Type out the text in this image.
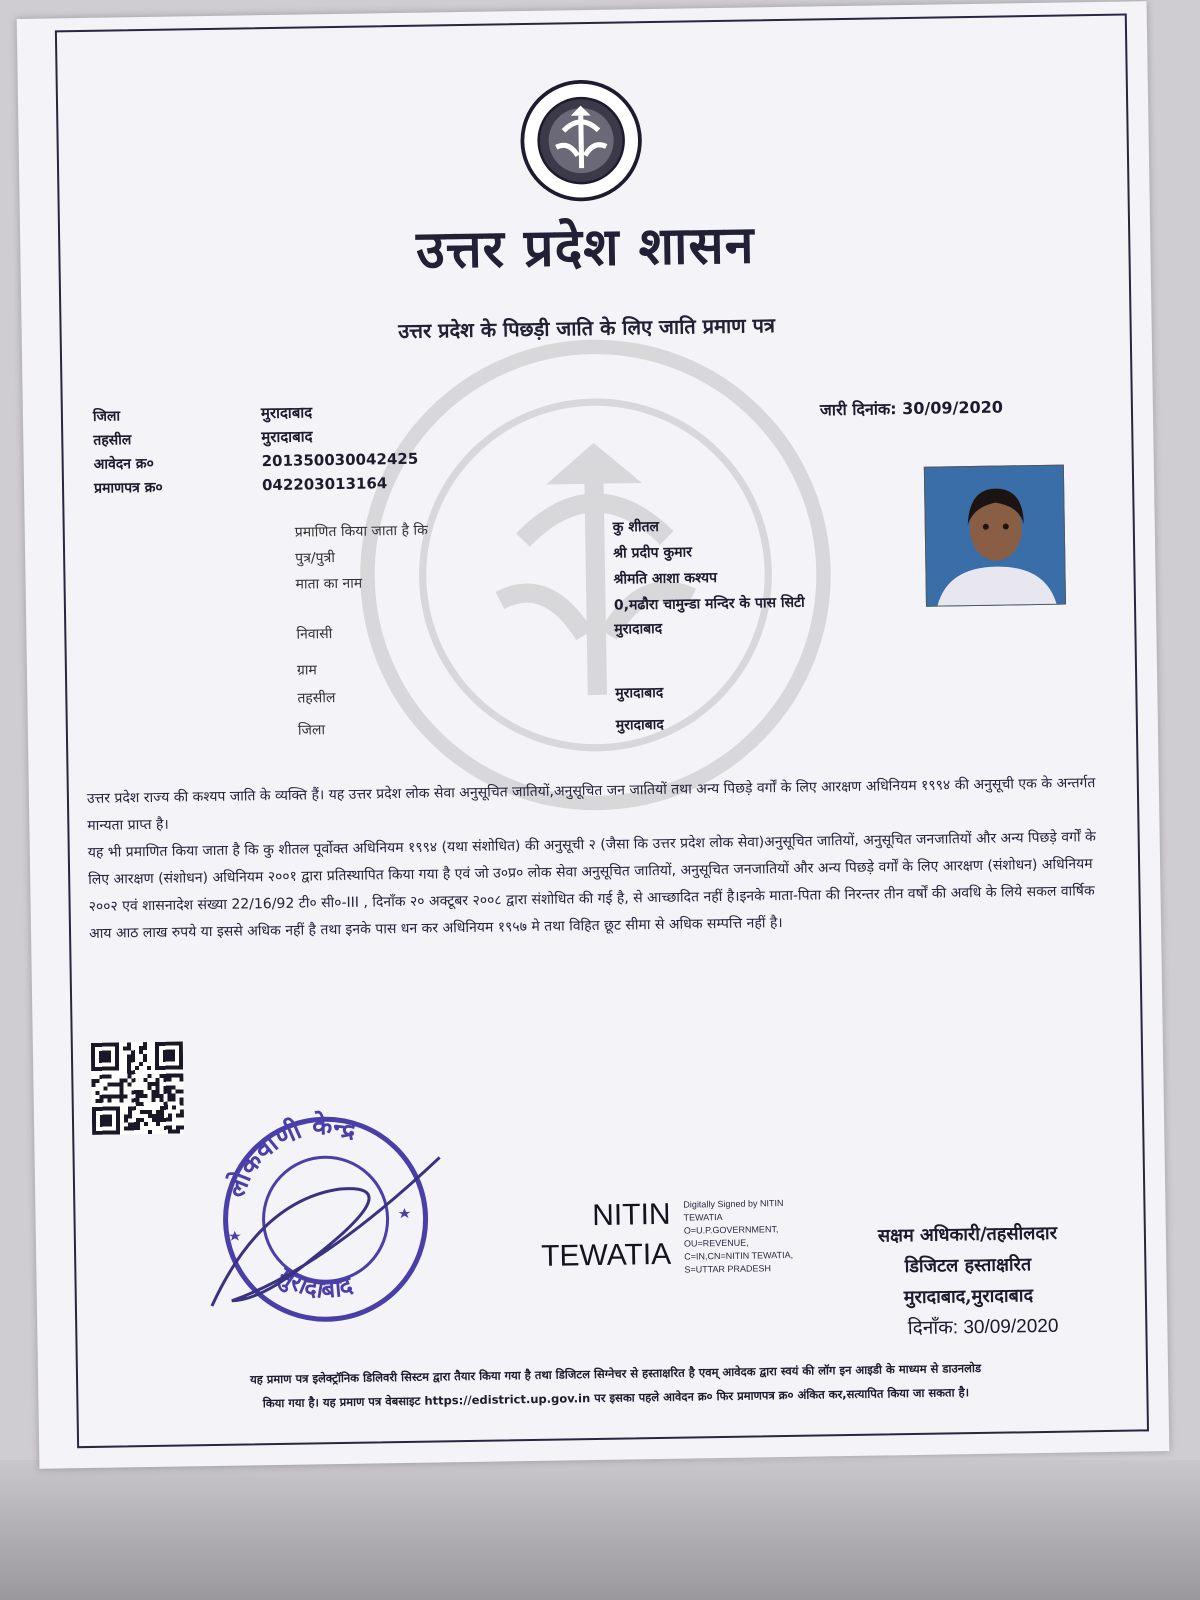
उत्तर प्रदेश शासन
उत्तर प्रदेश के पिछड़ी जाति के लिए जाति प्रमाण पत्र
जिला	मुरादाबाद
तहसील	मुरादाबाद
आवेदन क्र०	201350030042425
प्रमाणपत्र क्र०	042203013164
जारी दिनांक: 30/09/2020
प्रमाणित किया जाता है कि	कु शीतल
पुत्र/पुत्री	श्री प्रदीप कुमार
माता का नाम	श्रीमति आशा कश्यप
0,मढौरा चामुन्डा मन्दिर के पास सिटी
निवासी	मुरादाबाद
ग्राम
तहसील	मुरादाबाद
जिला	मुरादाबाद

उत्तर प्रदेश राज्य की कश्यप जाति के व्यक्ति हैं। यह उत्तर प्रदेश लोक सेवा अनुसूचित जातियों,अनुसूचित जन जातियों तथा अन्य पिछड़े वर्गों के लिए आरक्षण अधिनियम १९९४ की अनुसूची एक के अन्तर्गत मान्यता प्राप्त है।

यह भी प्रमाणित किया जाता है कि कु शीतल पूर्वोक्त अधिनियम १९९४ (यथा संशोधित) की अनुसूची २ (जैसा कि उत्तर प्रदेश लोक सेवा)अनुसूचित जातियों, अनुसूचित जनजातियों और अन्य पिछड़े वर्गों के लिए आरक्षण (संशोधन) अधिनियम २००१ द्वारा प्रतिस्थापित किया गया है एवं जो उ०प्र० लोक सेवा अनुसूचित जातियों, अनुसूचित जनजातियों और अन्य पिछड़े वर्गों के लिए आरक्षण (संशोधन) अधिनियम २००२ एवं शासनादेश संख्या 22/16/92 टी० सी०-III , दिनाँक २० अक्टूबर २००८ द्वारा संशोधित की गई है, से आच्छादित नहीं है।इनके माता-पिता की निरन्तर तीन वर्षों की अवधि के लिये सकल वार्षिक आय आठ लाख रुपये या इससे अधिक नहीं है तथा इनके पास धन कर अधिनियम १९५७ मे तथा विहित छूट सीमा से अधिक सम्पत्ति नहीं है।

लोकवाणी केन्द्र
मुरादाबाद
NITIN
TEWATIA
Digitally Signed by NITIN
TEWATIA
O=U.P.GOVERNMENT,
OU=REVENUE,
C=IN,CN=NITIN TEWATIA,
S=UTTAR PRADESH
सक्षम अधिकारी/तहसीलदार
डिजिटल हस्ताक्षरित
मुरादाबाद,मुरादाबाद
दिनाँक: 30/09/2020
यह प्रमाण पत्र इलेक्ट्रॉनिक डिलिवरी सिस्टम द्वारा तैयार किया गया है तथा डिजिटल सिग्नेचर से हस्ताक्षरित है एवम् आवेदक द्वारा स्वयं की लॉग इन आइडी के माध्यम से डाउनलोड
किया गया है। यह प्रमाण पत्र वेबसाइट https://edistrict.up.gov.in पर इसका पहले आवेदन क्र० फिर प्रमाणपत्र क्र० अंकित कर,सत्यापित किया जा सकता है।
